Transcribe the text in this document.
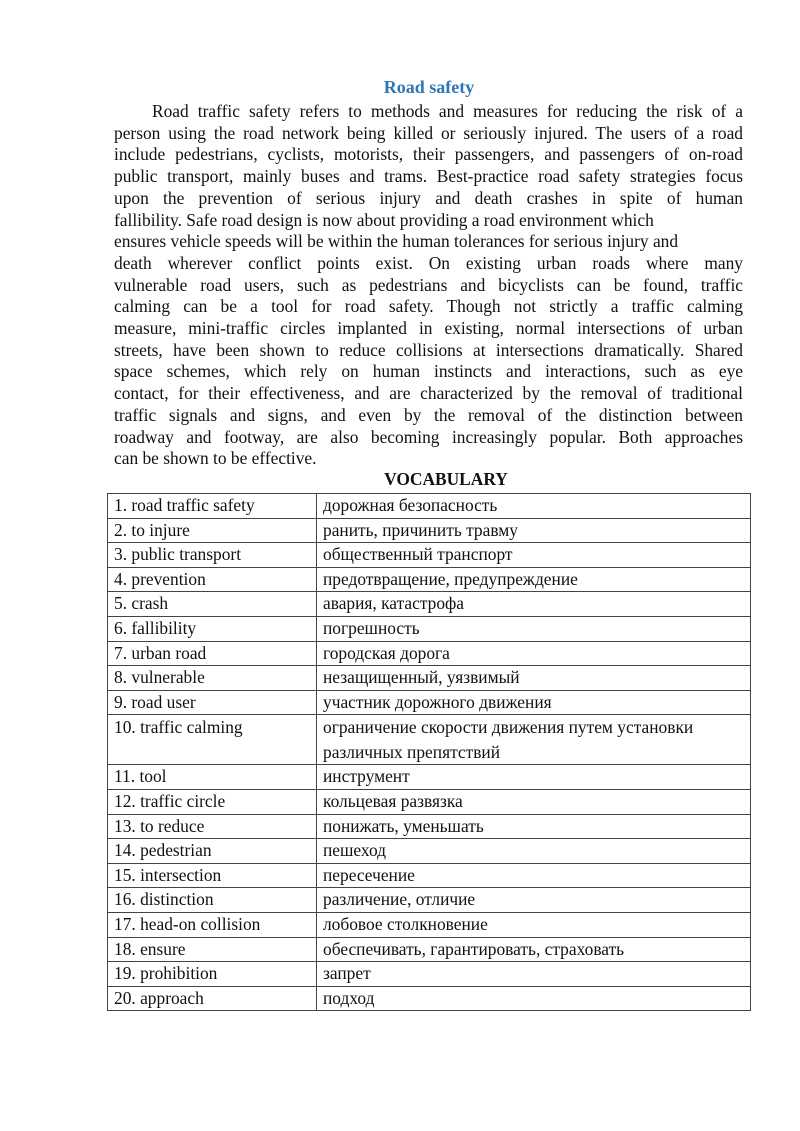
Road safety
Road traffic safety refers to methods and measures for reducing the risk of a
person using the road network being killed or seriously injured. The users of a road
include pedestrians, cyclists, motorists, their passengers, and passengers of on-road
public transport, mainly buses and trams. Best-practice road safety strategies focus
upon the prevention of serious injury and death crashes in spite of human
fallibility. Safe road design is now about providing a road environment which
ensures vehicle speeds will be within the human tolerances for serious injury and
death wherever conflict points exist. On existing urban roads where many
vulnerable road users, such as pedestrians and bicyclists can be found, traffic
calming can be a tool for road safety. Though not strictly a traffic calming
measure, mini-traffic circles implanted in existing, normal intersections of urban
streets, have been shown to reduce collisions at intersections dramatically. Shared
space schemes, which rely on human instincts and interactions, such as eye
contact, for their effectiveness, and are characterized by the removal of traditional
traffic signals and signs, and even by the removal of the distinction between
roadway and footway, are also becoming increasingly popular. Both approaches
can be shown to be effective.
VOCABULARY
1. road traffic safety	дорожная безопасность
2. to injure	ранить, причинить травму
3. public transport	общественный транспорт
4. prevention	предотвращение, предупреждение
5. crash	авария, катастрофа
6. fallibility	погрешность
7. urban road	городская дорога
8. vulnerable	незащищенный, уязвимый
9. road user	участник дорожного движения

10. traffic calming	ограничение скорости движения путем установки различных препятствий

11. tool	инструмент
12. traffic circle	кольцевая развязка
13. to reduce	понижать, уменьшать
14. pedestrian	пешеход
15. intersection	пересечение
16. distinction	различение, отличие
17. head-on collision	лобовое столкновение
18. ensure	обеспечивать, гарантировать, страховать
19. prohibition	запрет
20. approach	подход
